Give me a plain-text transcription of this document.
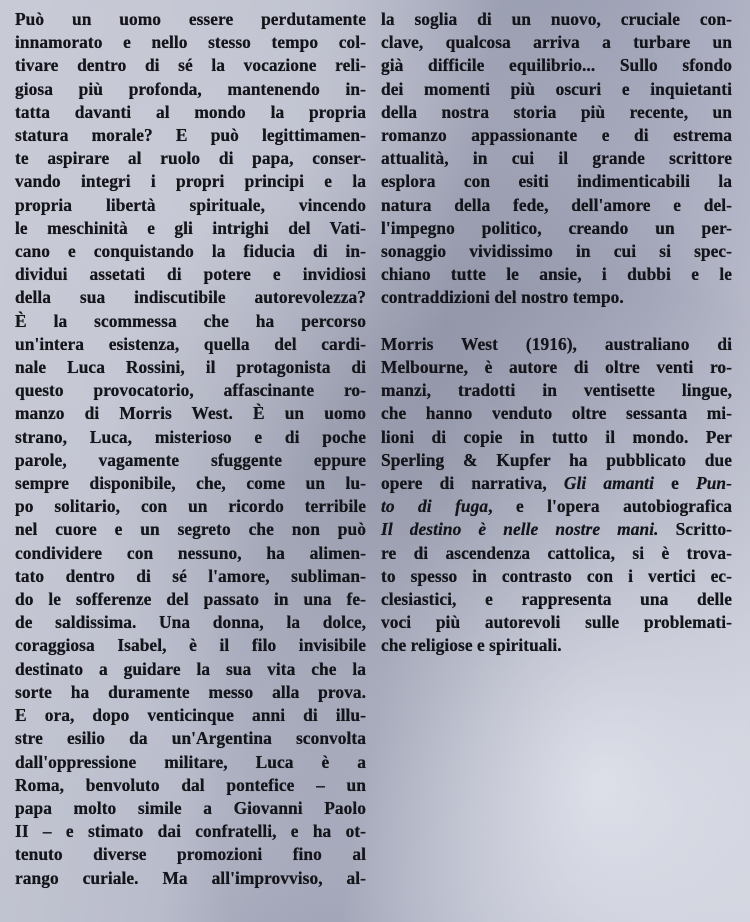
Può un uomo essere perdutamente
innamorato e nello stesso tempo col-
tivare dentro di sé la vocazione reli-
giosa più profonda, mantenendo in-
tatta davanti al mondo la propria
statura morale? E può legittimamen-
te aspirare al ruolo di papa, conser-
vando integri i propri principi e la
propria libertà spirituale, vincendo
le meschinità e gli intrighi del Vati-
cano e conquistando la fiducia di in-
dividui assetati di potere e invidiosi
della sua indiscutibile autorevolezza?
È la scommessa che ha percorso
un'intera esistenza, quella del cardi-
nale Luca Rossini, il protagonista di
questo provocatorio, affascinante ro-
manzo di Morris West. È un uomo
strano, Luca, misterioso e di poche
parole, vagamente sfuggente eppure
sempre disponibile, che, come un lu-
po solitario, con un ricordo terribile
nel cuore e un segreto che non può
condividere con nessuno, ha alimen-
tato dentro di sé l'amore, subliman-
do le sofferenze del passato in una fe-
de saldissima. Una donna, la dolce,
coraggiosa Isabel, è il filo invisibile
destinato a guidare la sua vita che la
sorte ha duramente messo alla prova.
E ora, dopo venticinque anni di illu-
stre esilio da un'Argentina sconvolta
dall'oppressione militare, Luca è a
Roma, benvoluto dal pontefice – un
papa molto simile a Giovanni Paolo
II – e stimato dai confratelli, e ha ot-
tenuto diverse promozioni fino al
rango curiale. Ma all'improvviso, al-
la soglia di un nuovo, cruciale con-
clave, qualcosa arriva a turbare un
già difficile equilibrio... Sullo sfondo
dei momenti più oscuri e inquietanti
della nostra storia più recente, un
romanzo appassionante e di estrema
attualità, in cui il grande scrittore
esplora con esiti indimenticabili la
natura della fede, dell'amore e del-
l'impegno politico, creando un per-
sonaggio vividissimo in cui si spec-
chiano tutte le ansie, i dubbi e le
contraddizioni del nostro tempo.
Morris West (1916), australiano di
Melbourne, è autore di oltre venti ro-
manzi, tradotti in ventisette lingue,
che hanno venduto oltre sessanta mi-
lioni di copie in tutto il mondo. Per
Sperling & Kupfer ha pubblicato due
opere di narrativa, Gli amanti e Pun-
to di fuga, e l'opera autobiografica
Il destino è nelle nostre mani. Scritto-
re di ascendenza cattolica, si è trova-
to spesso in contrasto con i vertici ec-
clesiastici, e rappresenta una delle
voci più autorevoli sulle problemati-
che religiose e spirituali.
